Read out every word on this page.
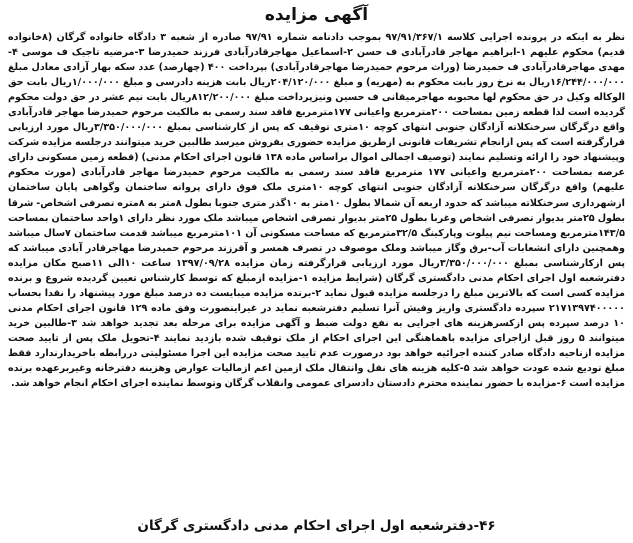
آگهی مزایده
نظر به اینکه در پرونده اجرایی کلاسه ۹۷/۹۱/۳۶۷/۱ بموجب دادنامه شماره ۹۷/۹۱ صادره از شعبه ۳ دادگاه خانواده گرگان (۸خانواده قدیم) محکوم علیهم ۱-ابراهیم مهاجر قادرآبادی ف حسن ۲-اسماعیل مهاجرقادرآبادی فرزند حمیدرضا ۳-مرضیه تاجیک ف موسی ۴-مهدی مهاجرقادرآبادی ف حمیدرضا (وراث مرحوم حمیدرضا مهاجرقادرآبادی) بپرداخت ۴۰۰ (چهارصد) عدد سکه بهار آزادی معادل مبلغ ۱۶/۲۴۴/۰۰۰/۰۰۰ریال به نرخ روز بابت محکوم به (مهریه) و مبلغ ۲۰۴/۱۲۰/۰۰۰ریال بابت هزینه دادرسی و مبلغ ۱/۰۰۰/۰۰۰ریال بابت حق الوکاله وکیل در حق محکوم لها محبوبه مهاجرمیقانی ف حسین ونیزپرداخت مبلغ ۸۱۲/۲۰۰/۰۰۰ریال بابت نیم عشر در حق دولت محکوم گردیده است لذا قطعه زمین بمساحت ۲۰۰مترمربع واعیانی ۱۷۷مترمربع فاقد سند رسمی به مالکیت مرحوم حمیدرضا مهاجر قادرآبادی واقع درگرگان سرخنکلاته آزادگان جنوبی انتهای کوچه ۱۰متری توقیف که پس از کارشناسی بمبلغ ۳/۳۵۰/۰۰۰/۰۰۰ریال مورد ارزیابی قرارگرفته است که پس ازانجام تشریفات قانونی ازطریق مزایده حضوری بفروش میرسد طالبین خرید میتوانند درجلسه مزایده شرکت وپیشنهاد خود را ارائه وتسلیم نمایند (توصیف اجمالی اموال براساس ماده ۱۳۸ قانون اجرای احکام مدنی) (قطعه زمین مسکونی دارای عرصه بمساحت ۲۰۰مترمربع واعیانی ۱۷۷ مترمربع فاقد سند رسمی به مالکیت مرحوم حمیدرضا مهاجر قادرآبادی (مورث محکوم علیهم) واقع درگرگان سرخنکلاته آزادگان جنوبی انتهای کوچه ۱۰متری ملک فوق دارای پروانه ساختمان وگواهی پایان ساختمان ازشهرداری سرخنکلاته میباشد که حدود اربعه آن شمالا بطول ۱۰متر به ۱۰گذر متری جنوبا بطول ۸متر به ۸متره تصرفی اشخاص- شرقا بطول ۲۵متر بدیوار تصرفی اشخاص وغربا بطول ۲۵متر بدیوار تصرفی اشخاص میباشد ملک مورد نظر دارای ۱واحد ساختمان بمساحت ۱۴۳/۵مترمربع ومساحت نیم پیلوت وپارکینگ ۳۲/۵مترمربع که مساحت مسکونی آن ۱۰۱مترمربع میباشد قدمت ساختمان ۷سال میباشد وهمچنین دارای انشعابات آب-برق وگاز میباشد وملک موصوف در تصرف همسر و آقرزند مرحوم حمیدرضا مهاجرقادر آبادی میباشد که پس ازکارشناسی بمبلغ ۳/۳۵۰/۰۰۰/۰۰۰ریال مورد ارزیابی قرارگرفته زمان مزایده ۱۳۹۷/۰۹/۲۸ ساعت ۱۰الی ۱۱صبح مکان مزایده دفترشعبه اول اجرای احکام مدنی دادگستری گرگان (شرایط مزایده ۱-مزایده ازمبلغ که توسط کارشناس تعیین گردیده شروع و برنده مزایده کسی است که بالاترین مبلغ را درجلسه مزایده قبول نماید ۲-برنده مزایده میبایست ده درصد مبلغ مورد پیشنهاد را نقدا بحساب ۲۱۷۱۳۹۷۴۰۰۰۰۰ سپرده دادگستری واریز وفیش آنرا تسلیم دفترشعبه نماید در غیراینصورت وفق ماده ۱۲۹ قانون اجرای احکام مدنی ۱۰ درصد سپرده پس ازکسرهزینه های اجرایی به نفع دولت ضبط و آگهی مزایده برای مرحله بعد تجدید خواهد شد ۳-طالبین خرید میتوانند ۵ روز قبل ازاجرای مزایده باهماهنگی این اجرای احکام از ملک توقیف شده بازدید نمایند ۴-تحویل ملک پس از تایید صحت مزایده ازناحیه دادگاه صادر کننده اجرائیه خواهد بود درصورت عدم تایید صحت مزایده این اجرا مسئولیتی دررابطه باخریدارندارد فقط مبلغ تودیع شده عودت خواهد شد ۵-کلیه هزینه های نقل وانتقال ملک ازمین اعم ازمالیات عوارض وهزینه دفترخانه وغیربرعهده برنده مزایده است ۶-مزایده با حضور نماینده محترم دادستان دادسرای عمومی وانقلاب گرگان وتوسط نماینده اجرای احکام انجام خواهد شد.
۴۶-دفترشعبه اول اجرای احکام مدنی دادگستری گرگان
